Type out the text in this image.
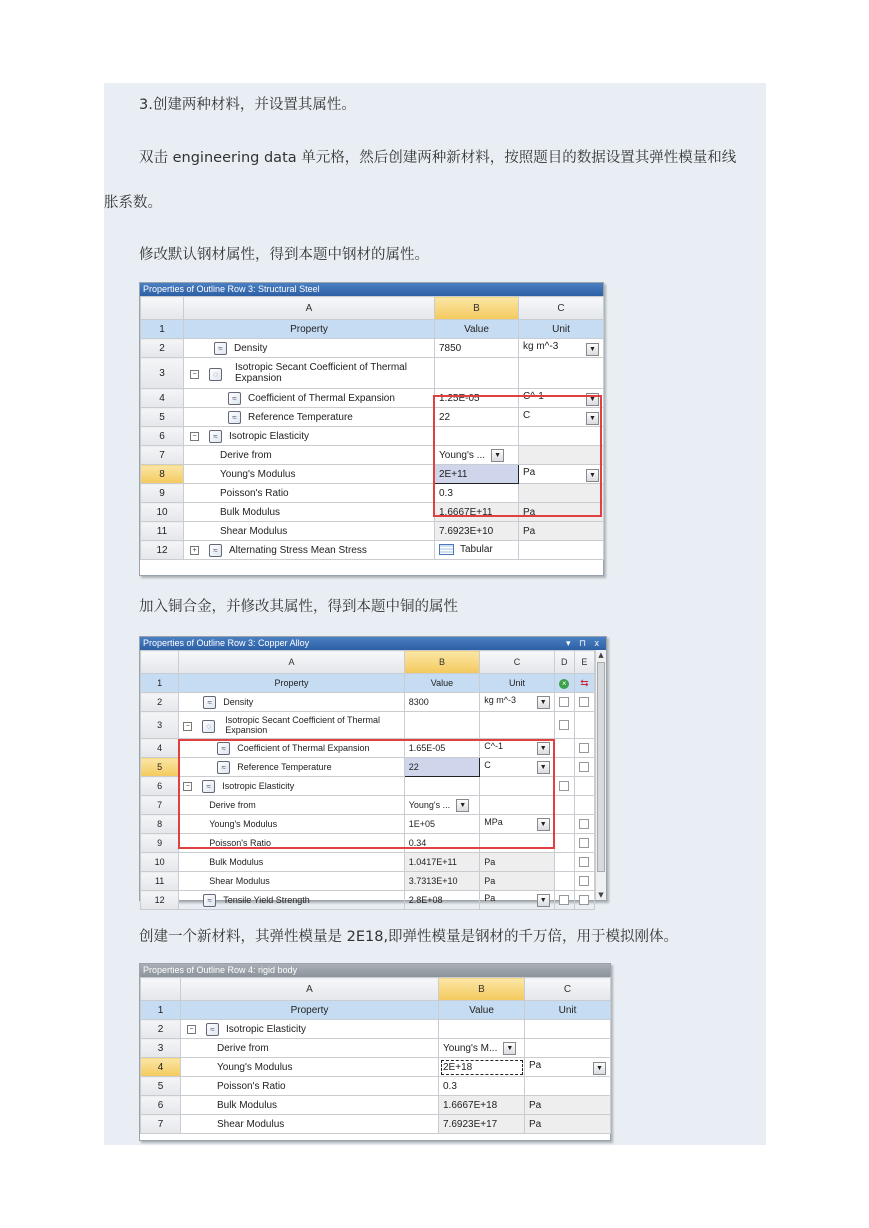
3.创建两种材料，并设置其属性。
双击 engineering data 单元格，然后创建两种新材料，按照题目的数据设置其弹性模量和线
胀系数。
修改默认钢材属性，得到本题中钢材的属性。
加入铜合金，并修改其属性，得到本题中铜的属性
创建一个新材料，其弹性模量是 2E18,即弹性模量是钢材的千万倍，用于模拟刚体。
Properties of Outline Row 3: Structural Steel
	A	B	C
1	Property	Value	Unit
2	≈ Density	7850	kg m^-3 ▼

3	− ◌
Isotropic Secant Coefficient of Thermal Expansion		

4	≈ Coefficient of Thermal Expansion	1.25E-05	C^-1 ▼

5	≈ Reference Temperature	22	C ▼

6	− ≈ Isotropic Elasticity		
7	Derive from	Young's ... ▼	
8	Young's Modulus	2E+11	Pa ▼

9	Poisson's Ratio	0.3	
10	Bulk Modulus	1.6667E+11	Pa
11	Shear Modulus	7.6923E+10	Pa
12	+ ≈ Alternating Stress Mean Stress	Tabular	
Properties of Outline Row 3: Copper Alloy	▾ ⊓ x
	A	B	C	D	E
1	Property	Value	Unit	×	⇆
2	≈ Density	8300	kg m^-3 ▼		

3	− ◌
Isotropic Secant Coefficient of Thermal Expansion				

4	≈ Coefficient of Thermal Expansion	1.65E-05	C^-1 ▼		

5	≈ Reference Temperature	22	C ▼		

6	− ≈ Isotropic Elasticity				
7	Derive from	Young's ... ▼			
8	Young's Modulus	1E+05	MPa ▼		

9	Poisson's Ratio	0.34			
10	Bulk Modulus	1.0417E+11	Pa		
11	Shear Modulus	3.7313E+10	Pa		
12	≈ Tensile Yield Strength	2.8E+08	Pa ▼		

▲
▼
Properties of Outline Row 4: rigid body
	A	B	C
1	Property	Value	Unit
2	− ≈ Isotropic Elasticity		
3	Derive from	Young's M... ▼	
4	Young's Modulus	2E+18	Pa ▼

5	Poisson's Ratio	0.3	
6	Bulk Modulus	1.6667E+18	Pa
7	Shear Modulus	7.6923E+17	Pa
